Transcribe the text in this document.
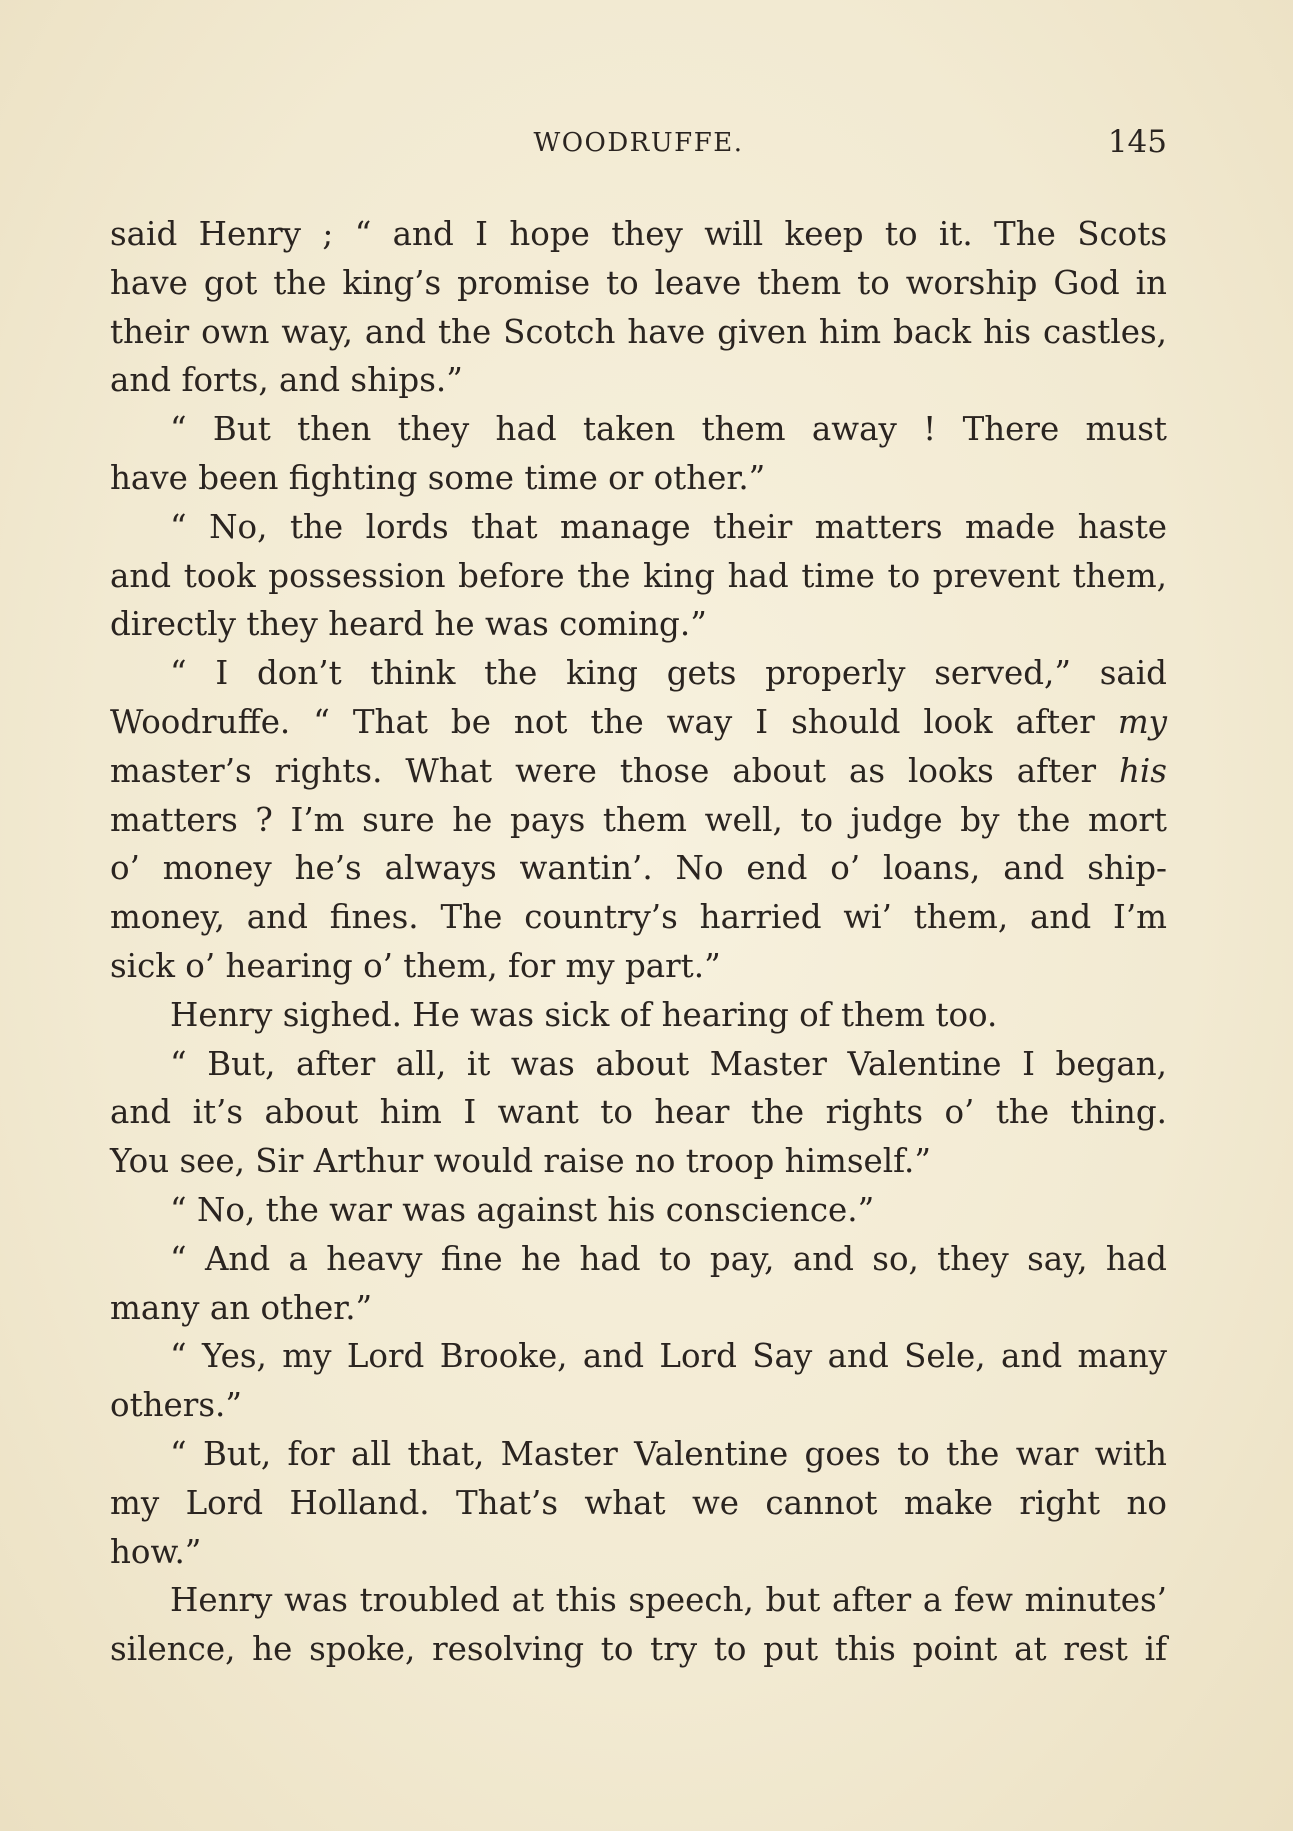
WOODRUFFE.	145
said Henry ; “ and I hope they will keep to it. The Scots
have got the king’s promise to leave them to worship God in
their own way, and the Scotch have given him back his castles,
and forts, and ships.”
“ But then they had taken them away ! There must
have been fighting some time or other.”
“ No, the lords that manage their matters made haste
and took possession before the king had time to prevent them,
directly they heard he was coming.”
“ I don’t think the king gets properly served,” said
Woodruffe. “ That be not the way I should look after my
master’s rights. What were those about as looks after his
matters ? I’m sure he pays them well, to judge by the mort
o’ money he’s always wantin’. No end o’ loans, and ship-
money, and fines. The country’s harried wi’ them, and I’m
sick o’ hearing o’ them, for my part.”
Henry sighed. He was sick of hearing of them too.
“ But, after all, it was about Master Valentine I began,
and it’s about him I want to hear the rights o’ the thing.
You see, Sir Arthur would raise no troop himself.”
“ No, the war was against his conscience.”
“ And a heavy fine he had to pay, and so, they say, had
many an other.”
“ Yes, my Lord Brooke, and Lord Say and Sele, and many
others.”
“ But, for all that, Master Valentine goes to the war with
my Lord Holland. That’s what we cannot make right no
how.”
Henry was troubled at this speech, but after a few minutes’
silence, he spoke, resolving to try to put this point at rest if
